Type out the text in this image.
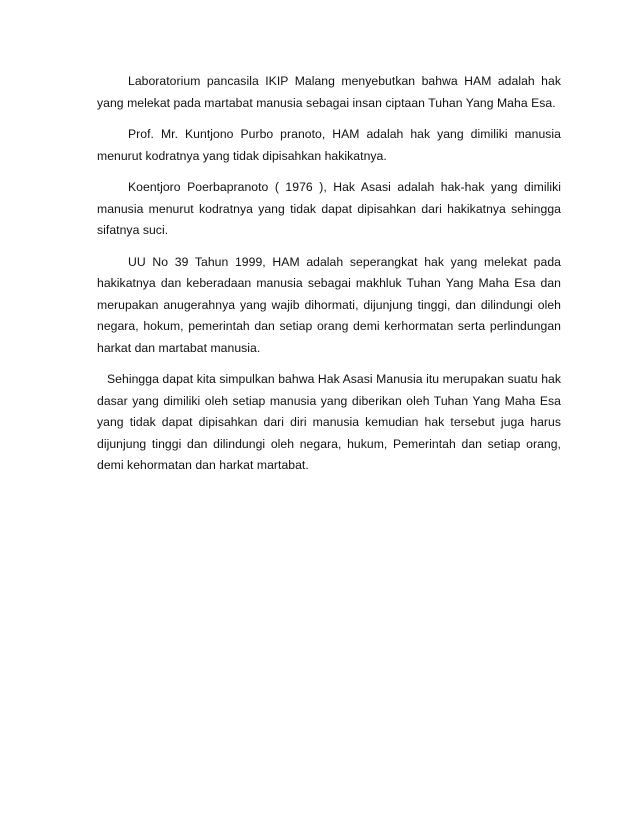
Laboratorium pancasila IKIP Malang menyebutkan bahwa HAM adalah hak yang melekat pada martabat manusia sebagai insan ciptaan Tuhan Yang Maha Esa.

Prof. Mr. Kuntjono Purbo pranoto, HAM adalah hak yang dimiliki manusia menurut kodratnya yang tidak dipisahkan hakikatnya.

Koentjoro Poerbapranoto ( 1976 ), Hak Asasi adalah hak-hak yang dimiliki manusia menurut kodratnya yang tidak dapat dipisahkan dari hakikatnya sehingga sifatnya suci.

UU No 39 Tahun 1999, HAM adalah seperangkat hak yang melekat pada hakikatnya dan keberadaan manusia sebagai makhluk Tuhan Yang Maha Esa dan merupakan anugerahnya yang wajib dihormati, dijunjung tinggi, dan dilindungi oleh negara, hokum, pemerintah dan setiap orang demi kerhormatan serta perlindungan harkat dan martabat manusia.

Sehingga dapat kita simpulkan bahwa Hak Asasi Manusia itu merupakan suatu hak dasar yang dimiliki oleh setiap manusia yang diberikan oleh Tuhan Yang Maha Esa yang tidak dapat dipisahkan dari diri manusia kemudian hak tersebut juga harus dijunjung tinggi dan dilindungi oleh negara, hukum, Pemerintah dan setiap orang, demi kehormatan dan harkat martabat.
